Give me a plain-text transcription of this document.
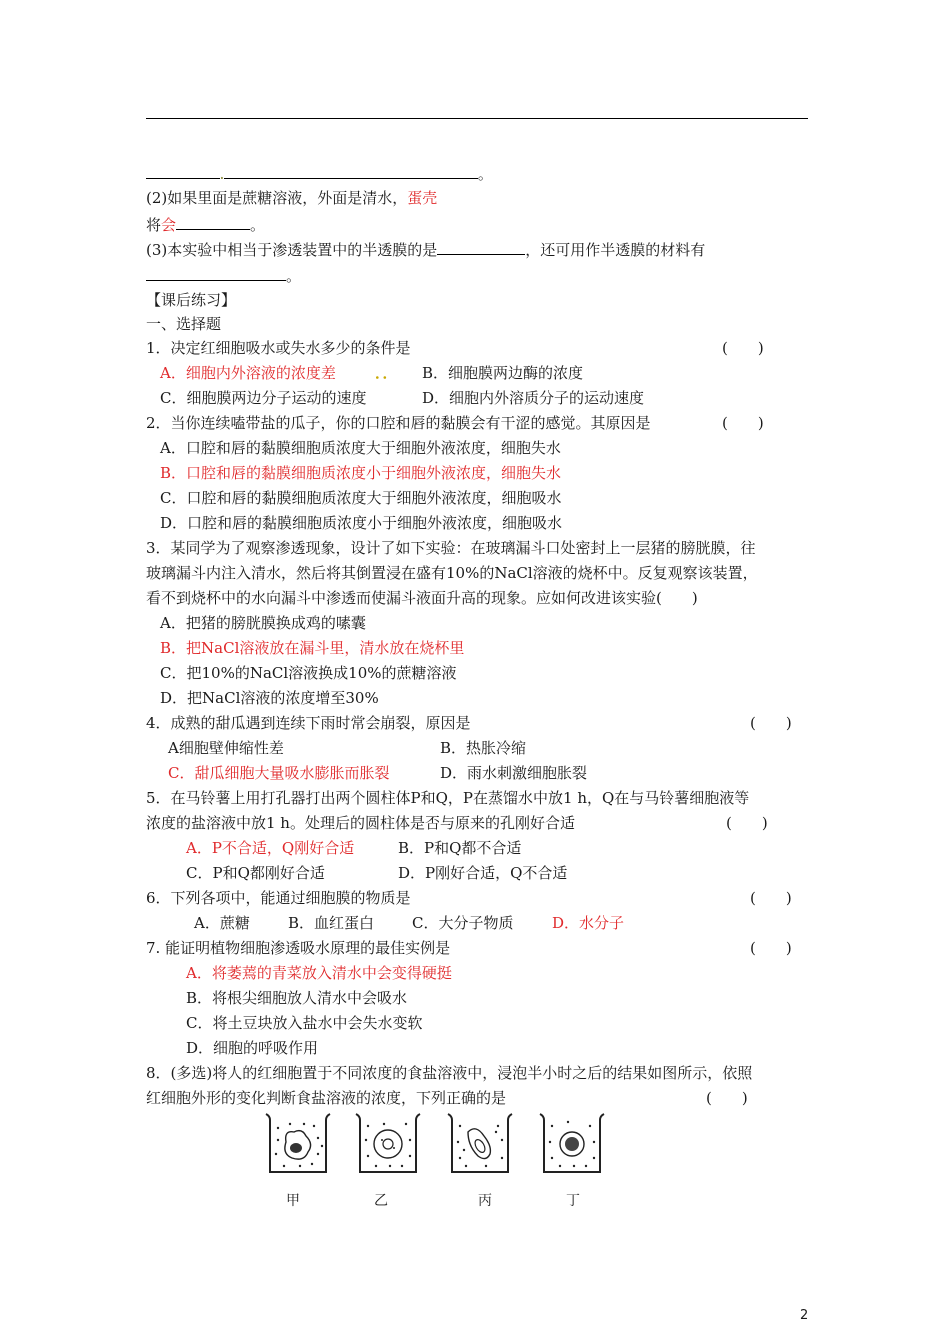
.	。
(2)如果里面是蔗糖溶液，外面是清水，蛋壳
将会	。
(3)本实验中相当于渗透装置中的半透膜的是	，还可用作半透膜的材料有
。
【课后练习】
一、选择题
1．决定红细胞吸水或失水多少的条件是	(　　)
A．细胞内外溶液的浓度差	．． B．细胞膜两边酶的浓度
C．细胞膜两边分子运动的速度	D．细胞内外溶质分子的运动速度
2．当你连续嗑带盐的瓜子，你的口腔和唇的黏膜会有干涩的感觉。其原因是	(　　)
A．口腔和唇的黏膜细胞质浓度大于细胞外液浓度，细胞失水
B．口腔和唇的黏膜细胞质浓度小于细胞外液浓度，细胞失水
C．口腔和唇的黏膜细胞质浓度大于细胞外液浓度，细胞吸水
D．口腔和唇的黏膜细胞质浓度小于细胞外液浓度，细胞吸水
3．某同学为了观察渗透现象，设计了如下实验：在玻璃漏斗口处密封上一层猪的膀胱膜，往
玻璃漏斗内注入清水，然后将其倒置浸在盛有10%的NaCl溶液的烧杯中。反复观察该装置，
看不到烧杯中的水向漏斗中渗透而使漏斗液面升高的现象。应如何改进该实验(　　)
A．把猪的膀胱膜换成鸡的嗉囊
B．把NaCl溶液放在漏斗里，清水放在烧杯里
C．把10%的NaCl溶液换成10%的蔗糖溶液
D．把NaCl溶液的浓度增至30%
4．成熟的甜瓜遇到连续下雨时常会崩裂，原因是	(　　)
A细胞壁伸缩性差	B．热胀冷缩
C．甜瓜细胞大量吸水膨胀而胀裂	D．雨水刺激细胞胀裂
5．在马铃薯上用打孔器打出两个圆柱体P和Q，P在蒸馏水中放1 h，Q在与马铃薯细胞液等
浓度的盐溶液中放1 h。处理后的圆柱体是否与原来的孔刚好合适	(　　)
A．P不合适，Q刚好合适	B．P和Q都不合适
C．P和Q都刚好合适	D．P刚好合适，Q不合适
6．下列各项中，能通过细胞膜的物质是	(　　)
A．蔗糖	B．血红蛋白	C．大分子物质	D．水分子
7. 能证明植物细胞渗透吸水原理的最佳实例是	(　　)
A．将萎蔫的青菜放入清水中会变得硬挺
B．将根尖细胞放人清水中会吸水
C．将土豆块放入盐水中会失水变软
D．细胞的呼吸作用
8．(多选)将人的红细胞置于不同浓度的食盐溶液中，浸泡半小时之后的结果如图所示，依照
红细胞外形的变化判断食盐溶液的浓度，下列正确的是	(　　)
甲	乙	丙	丁
2
